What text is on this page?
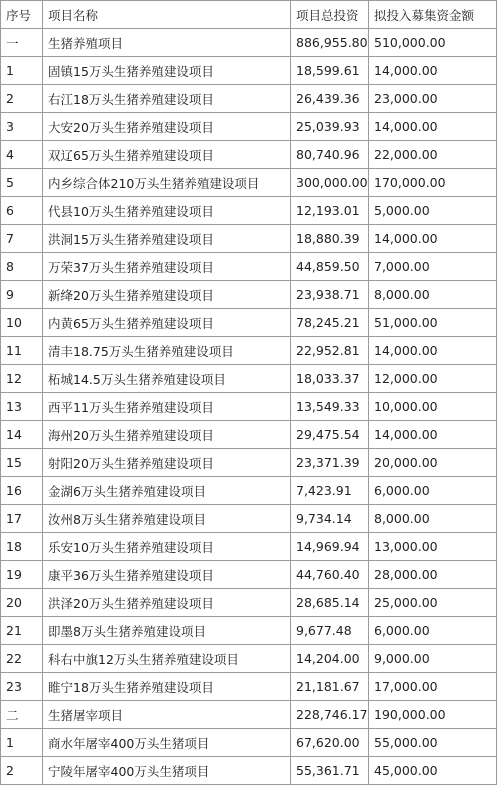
序号	项目名称	项目总投资	拟投入募集资金额
一	生猪养殖项目	886,955.80	510,000.00
1	固镇15万头生猪养殖建设项目	18,599.61	14,000.00
2	右江18万头生猪养殖建设项目	26,439.36	23,000.00
3	大安20万头生猪养殖建设项目	25,039.93	14,000.00
4	双辽65万头生猪养殖建设项目	80,740.96	22,000.00
5	内乡综合体210万头生猪养殖建设项目	300,000.00	170,000.00
6	代县10万头生猪养殖建设项目	12,193.01	5,000.00
7	洪洞15万头生猪养殖建设项目	18,880.39	14,000.00
8	万荣37万头生猪养殖建设项目	44,859.50	7,000.00
9	新绛20万头生猪养殖建设项目	23,938.71	8,000.00
10	内黄65万头生猪养殖建设项目	78,245.21	51,000.00
11	清丰18.75万头生猪养殖建设项目	22,952.81	14,000.00
12	柘城14.5万头生猪养殖建设项目	18,033.37	12,000.00
13	西平11万头生猪养殖建设项目	13,549.33	10,000.00
14	海州20万头生猪养殖建设项目	29,475.54	14,000.00
15	射阳20万头生猪养殖建设项目	23,371.39	20,000.00
16	金湖6万头生猪养殖建设项目	7,423.91	6,000.00
17	汝州8万头生猪养殖建设项目	9,734.14	8,000.00
18	乐安10万头生猪养殖建设项目	14,969.94	13,000.00
19	康平36万头生猪养殖建设项目	44,760.40	28,000.00
20	洪泽20万头生猪养殖建设项目	28,685.14	25,000.00
21	即墨8万头生猪养殖建设项目	9,677.48	6,000.00
22	科右中旗12万头生猪养殖建设项目	14,204.00	9,000.00
23	睢宁18万头生猪养殖建设项目	21,181.67	17,000.00
二	生猪屠宰项目	228,746.17	190,000.00
1	商水年屠宰400万头生猪项目	67,620.00	55,000.00
2	宁陵年屠宰400万头生猪项目	55,361.71	45,000.00
